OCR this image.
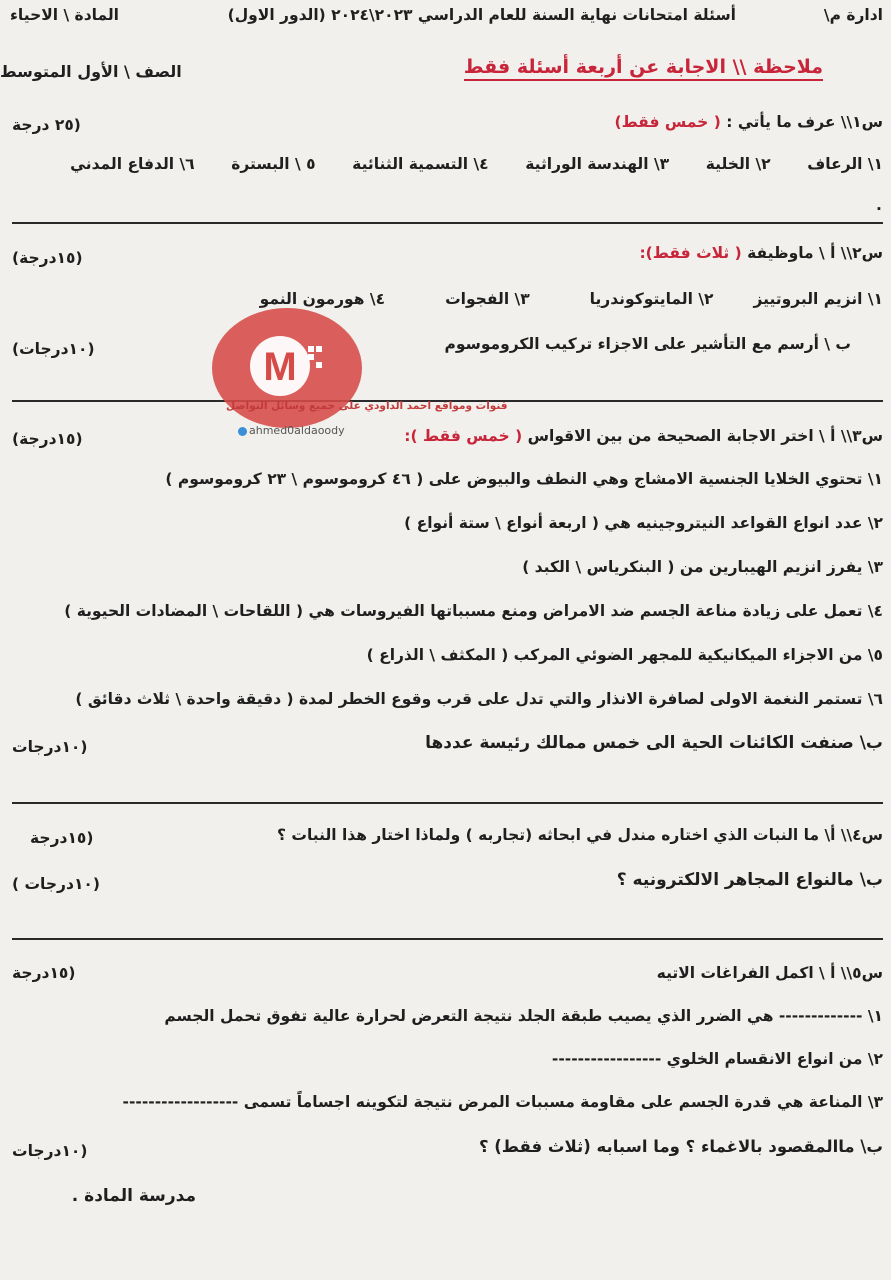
ادارة م\
أسئلة امتحانات نهاية السنة للعام الدراسي ٢٠٢٣\٢٠٢٤ (الدور الاول)
المادة \ الاحياء
ملاحظة \\ الاجابة عن أربعة أسئلة فقط
الصف \ الأول المتوسط
س١\\ عرف ما يأتي : ( خمس فقط)
(٢٥ درجة
١\ الرعاف
٢\ الخلية
٣\ الهندسة الوراثية
٤\ التسمية الثنائية
٥ \ البسترة
٦\ الدفاع المدني
.
س٢\\ أ \ ماوظيفة ( ثلاث فقط):
(١٥درجة)
١\ انزيم البروتييز
٢\ المايتوكوندريا
٣\ الفجوات
٤\ هورمون النمو
ب \ أرسم مع التأشير على الاجزاء تركيب الكروموسوم
(١٠درجات)
س٣\\ أ \ اختر الاجابة الصحيحة من بين الاقواس ( خمس فقط ):
(١٥درجة)
١\ تحتوي الخلايا الجنسية الامشاج وهي النطف والبيوض على ( ٤٦ كروموسوم \ ٢٣ كروموسوم )
٢\ عدد انواع القواعد النيتروجينيه هي ( اربعة أنواع \ ستة أنواع )
٣\ يفرز انزيم الهيبارين من ( البنكرياس \ الكبد )
٤\ تعمل على زيادة مناعة الجسم ضد الامراض ومنع مسبباتها الفيروسات هي ( اللقاحات \ المضادات الحيوية )
٥\ من الاجزاء الميكانيكية للمجهر الضوئي المركب ( المكثف \ الذراع )
٦\ تستمر النغمة الاولى لصافرة الانذار والتي تدل على قرب وقوع الخطر لمدة ( دقيقة واحدة \ ثلاث دقائق )
ب\ صنفت الكائنات الحية الى خمس ممالك رئيسة عددها
(١٠درجات
س٤\\ أ\ ما النبات الذي اختاره مندل في ابحاثه (تجاربه ) ولماذا اختار هذا النبات ؟
(١٥درجة
ب\ مالنواع المجاهر الالكترونيه ؟
(١٠درجات )
س٥\\ أ \ اكمل الفراغات الاتيه
(١٥درجة
١\ ------------- هي الضرر الذي يصيب طبقة الجلد نتيجة التعرض لحرارة عالية تفوق تحمل الجسم
٢\ من انواع الانقسام الخلوي -----------------
٣\ المناعة هي قدرة الجسم على مقاومة مسببات المرض نتيجة لتكوينه اجساماً تسمى ------------------
ب\ ماالمقصود بالاغماء ؟ وما اسبابه (ثلاث فقط) ؟
(١٠درجات
مدرسة المادة .
M
قنوات ومواقع احمد الداودي على جميع وسائل التواصل
ahmed0aldaoody
